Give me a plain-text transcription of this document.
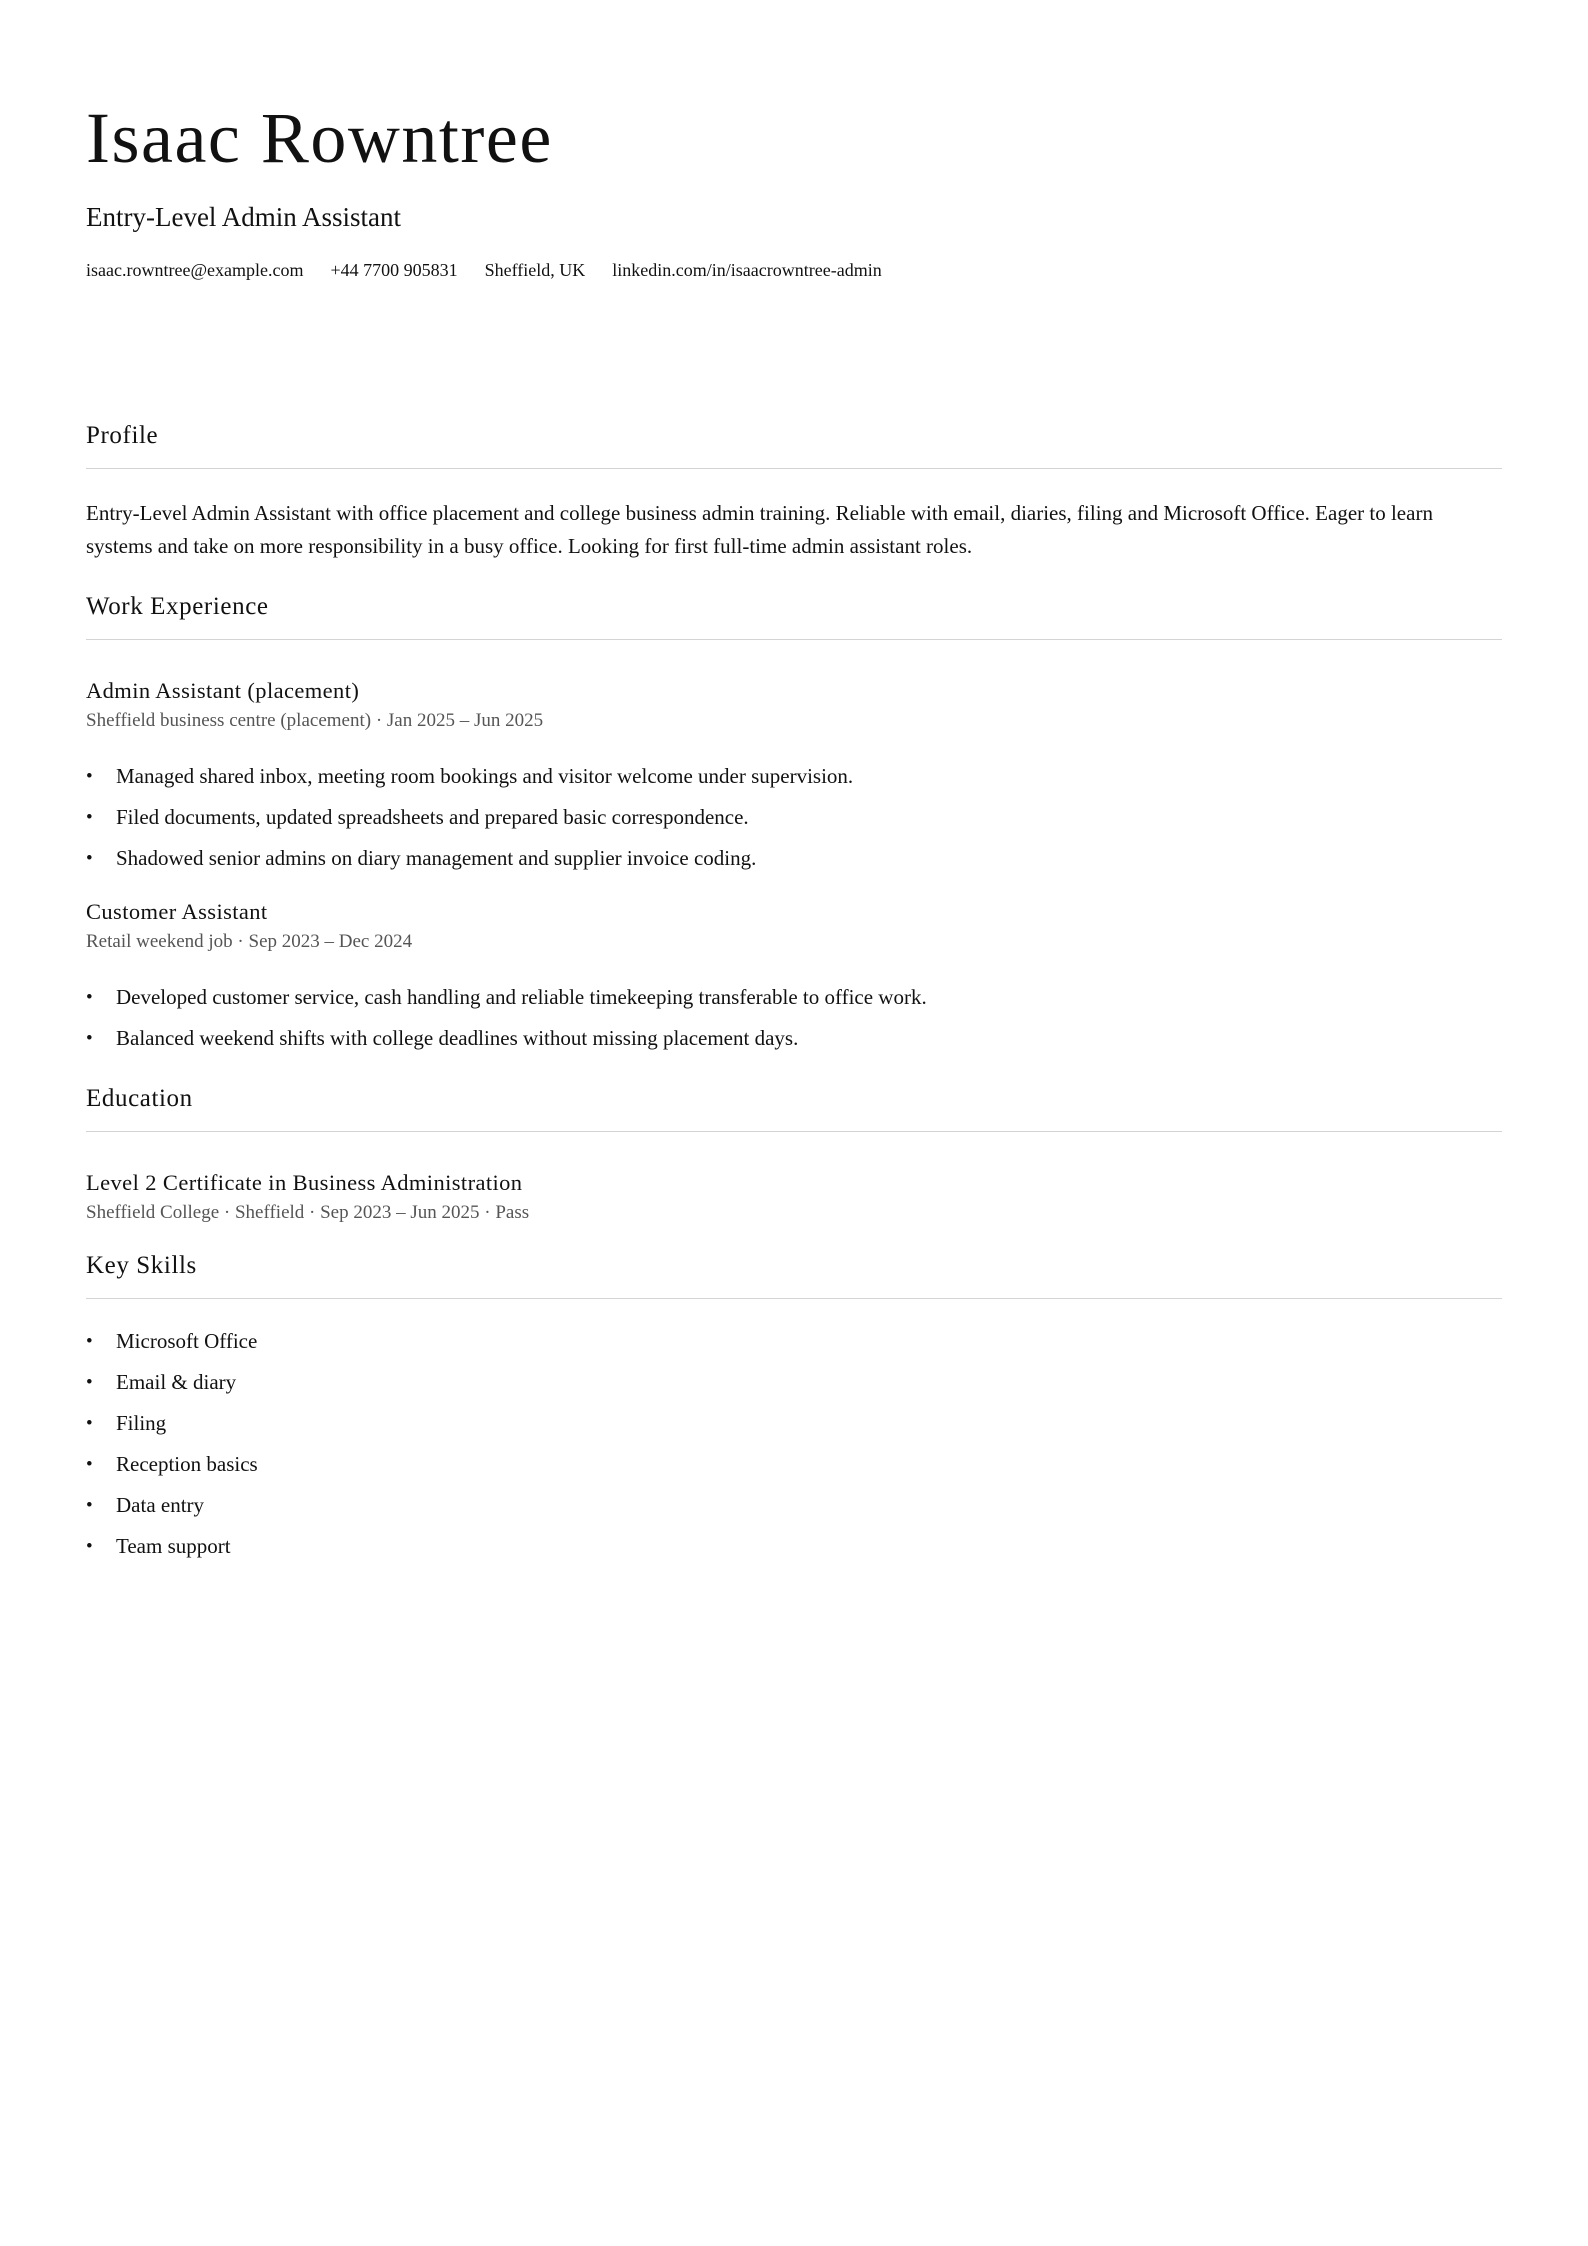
Isaac Rowntree
Entry-Level Admin Assistant
isaac.rowntree@example.com +44 7700 905831 Sheffield, UK linkedin.com/in/isaacrowntree-admin
Profile

Entry-Level Admin Assistant with office placement and college business admin training. Reliable with email, diaries, filing and Microsoft Office. Eager to learn systems and take on more responsibility in a busy office. Looking for first full-time admin assistant roles.

Work Experience
Admin Assistant (placement)
Sheffield business centre (placement) · Jan 2025 – Jun 2025
• Managed shared inbox, meeting room bookings and visitor welcome under supervision.
• Filed documents, updated spreadsheets and prepared basic correspondence.
• Shadowed senior admins on diary management and supplier invoice coding.
Customer Assistant
Retail weekend job · Sep 2023 – Dec 2024
• Developed customer service, cash handling and reliable timekeeping transferable to office work.
• Balanced weekend shifts with college deadlines without missing placement days.
Education
Level 2 Certificate in Business Administration
Sheffield College · Sheffield · Sep 2023 – Jun 2025 · Pass
Key Skills
• Microsoft Office
• Email & diary
• Filing
• Reception basics
• Data entry
• Team support
